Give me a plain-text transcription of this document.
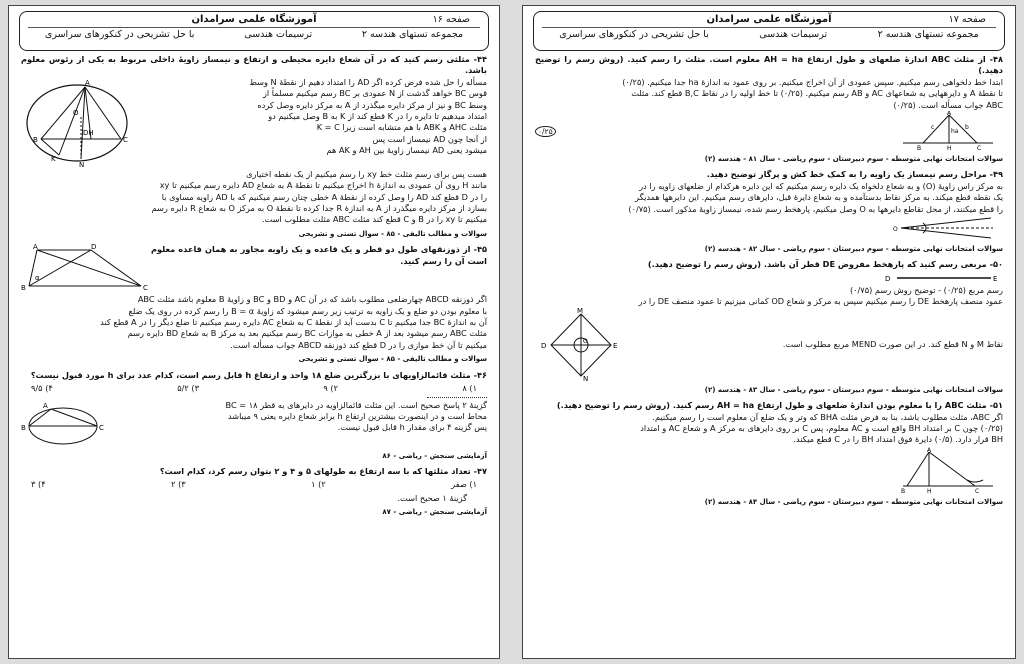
صفحه ۱۶
آموزشگاه علمی سرامدان
مجموعه تستهای هندسه ۲
ترسیمات هندسی
با حل تشریحی در کنکورهای سراسری

۴۴- مثلثی رسم کنید که در آن شعاع دایره محیطی و ارتفاع و نیمساز زاویهٔ داخلی مربوط به یکی از رئوس معلوم باشد.

مسأله را حل شده فرض کرده اگر AD را امتداد دهیم از نقطهٔ N وسط

قوس BC خواهد گذشت از N عمودی بر BC رسم میکنیم مسلماً از

وسط BC و نیز از مرکز دایره میگذرد از A به مرکز دایره وصل کرده

امتداد میدهیم تا دایره را در K قطع کند از K به B وصل میکنیم دو

مثلث AHC و ABK با هم متشابه است زیرا K = C

از آنجا چون AD نیمساز است پس

میشود یعنی AD نیمساز زاویهٔ بین AH و AK هم

A
B	C
O
DH
K
N

هست پس برای رسم مثلث خط xy را رسم میکنیم از یک نقطه اختیاری

مانند H روی آن عمودی به اندازهٔ h اخراج میکنیم تا نقطهٔ A به شعاع AD دایره رسم میکنیم تا xy

را در D قطع کند AD را وصل کرده از نقطهٔ A خطی چنان رسم میکنیم که با AD زاویه مساوی با

بسازد از مرکز دایره میگذرد از A به اندازهٔ R جدا کرده تا نقطهٔ O به مرکز O به شعاع R دایره رسم

میکنیم تا xy را در B و C قطع کند مثلث ABC مثلث مطلوب است.

سوالات و مطالب تالیفی - ۸۵ - سوال تستی و تشریحی

۴۵- از ذوزنقهای طول دو قطر و یک قاعده و یک زاویه مجاور به همان قاعده معلوم است آن را رسم کنید.

A	D
B	C
α

اگر ذوزنقه ABCD چهارضلعی مطلوب باشد که در آن AC و BD و BC و زاویهٔ B معلوم باشد مثلث ABC

با معلوم بودن دو ضلع و یک زاویه به ترتیب زیر رسم میشود که زاویهٔ B = α را رسم کرده در روی یک ضلع

آن به اندازهٔ BC جدا میکنیم تا C بدست آید از نقطهٔ C به شعاع AC دایره رسم میکنیم تا ضلع دیگر را در A قطع کند

مثلث ABC رسم میشود بعد از A خطی به موازات BC رسم میکنیم بعد به مرکز B به شعاع BD دایره رسم

میکنیم تا آن خط موازی را در D قطع کند ذوزنقه ABCD جواب مسأله است.

سوالات و مطالب تالیفی - ۸۵ - سوال تستی و تشریحی

۴۶- مثلث قائمالزاویهای با بزرگترین ضلع ۱۸ واحد و ارتفاع h قابل رسم است، کدام عدد برای h مورد قبول نیست؟

۱) ۸
۲) ۹
۳) ۵/۲
۴) ۹/۵

گزینهٔ ۲ پاسخ صحیح است. این مثلث قائمالزاویه در دایرهای به قطر BC = ۱۸

محاط است و در اینصورت بیشترین ارتفاع h برابر شعاع دایره یعنی ۹ میباشد

پس گزینه ۴ برای مقدار h قابل قبول نیست.

A
B	C

آزمایشی سنجش - ریاضی - ۸۶

۴۷- تعداد مثلثها که با سه ارتفاع به طولهای ۵ و ۴ و ۲ بتوان رسم کرد، کدام است؟

۱) صفر
۲) ۱
۳) ۲
۴) ۳

گزینهٔ ۱ صحیح است.

آزمایشی سنجش - ریاضی - ۸۷

صفحه ۱۷
آموزشگاه علمی سرامدان
مجموعه تستهای هندسه ۲
ترسیمات هندسی
با حل تشریحی در کنکورهای سراسری

۴۸- از مثلث ABC اندازهٔ ضلعهای و طول ارتفاع AH = ha معلوم است. مثلث را رسم کنید. (روش رسم را توضیح دهید.)

ابتدا خط دلخواهی رسم میکنیم. سپس عمودی از آن اخراج میکنیم. بر روی عمود به اندازهٔ ha جدا میکنیم. (۰/۲۵)

تا نقطهٔ A و دایرههایی به شعاعهای AC و AB رسم میکنیم. (۰/۲۵) تا خط اولیه را در نقاط B,C قطع کند. مثلث

ABC جواب مسأله است. (۰/۲۵)

A
B	H	C
c	b
ha
۰/۲۵

سوالات امتحانات نهایی متوسطه - سوم دبیرستان - سوم ریاضی - سال ۸۱ - هندسه (۲)

۴۹- مراحل رسم نیمساز یک زاویه را به کمک خط کش و پرگار توضیح دهید.

به مرکز راس زاویهٔ (O) و به شعاع دلخواه یک دایره رسم میکنیم که این دایره هرکدام از ضلعهای زاویه را در

یک نقطه قطع میکند. به مرکز نقاط بدستآمده و به شعاع دایرهٔ قبل، دایرهای رسم میکنیم. این دایرهها همدیگر

را قطع میکنند، از محل تقاطع دایرهها به O وصل میکنیم، پارهخط رسم شده، نیمساز زاویهٔ مذکور است. (۰/۷۵)

O

سوالات امتحانات نهایی متوسطه - سوم دبیرستان - سوم ریاضی - سال ۸۲ - هندسه (۲)

۵۰- مربعی رسم کنید که پارهخط مفروض DE قطر آن باشد. (روش رسم را توضیح دهید.)

D	E

رسم مربع (۰/۲۵) - توضیح روش رسم (۰/۷۵)

عمود منصف پارهخط DE را رسم میکنیم سپس به مرکز و شعاع OD کمانی میزنیم تا عمود منصف DE را در

نقاط M و N قطع کند. در این صورت MEND مربع مطلوب است.

M
D	E
N
O

سوالات امتحانات نهایی متوسطه - سوم دبیرستان - سوم ریاضی - سال ۸۳ - هندسه (۲)

۵۱- مثلث ABC را با معلوم بودن اندازهٔ ضلعهای و طول ارتفاع AH = ha رسم کنید. (روش رسم را توضیح دهید.)

اگر ABC، مثلث مطلوب باشد، بنا به فرض مثلث BHA که وتر و یک ضلع آن معلوم است را رسم میکنیم.

(۰/۲۵) چون C بر امتداد BH واقع است و AC معلوم، پس C بر روی دایرهای به مرکز A و شعاع AC و امتداد

BH قرار دارد. (۰/۵) دایرهٔ فوق امتداد BH را در C قطع میکند.

A
B	H	C

سوالات امتحانات نهایی متوسطه - سوم دبیرستان - سوم ریاضی - سال ۸۴ - هندسه (۲)
